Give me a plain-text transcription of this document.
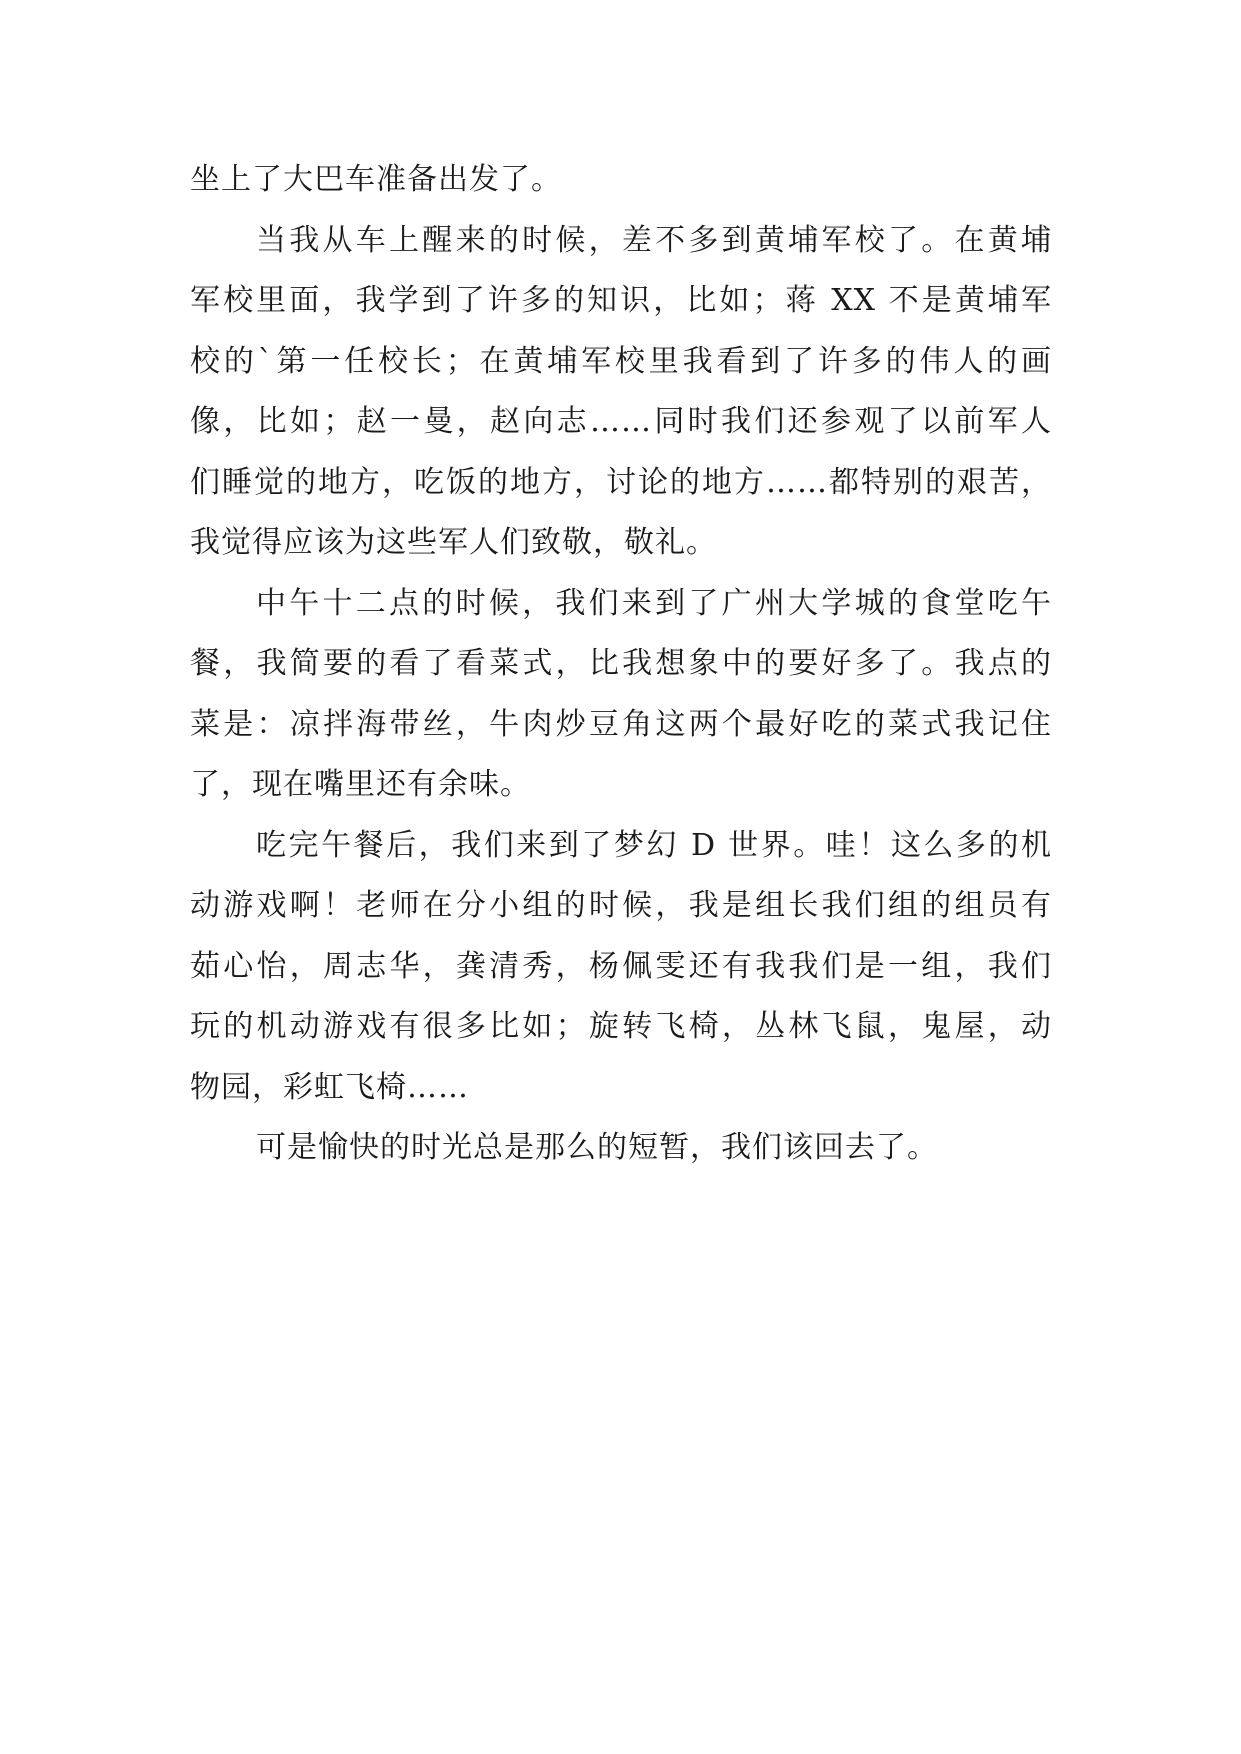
坐上了大巴车准备出发了。
当我从车上醒来的时候，差不多到黄埔军校了。在黄埔
军校里面，我学到了许多的知识，比如；蒋 XX 不是黄埔军
校的`第一任校长；在黄埔军校里我看到了许多的伟人的画
像，比如；赵一曼，赵向志……同时我们还参观了以前军人
们睡觉的地方，吃饭的地方，讨论的地方……都特别的艰苦，
我觉得应该为这些军人们致敬，敬礼。
中午十二点的时候，我们来到了广州大学城的食堂吃午
餐，我简要的看了看菜式，比我想象中的要好多了。我点的
菜是：凉拌海带丝，牛肉炒豆角这两个最好吃的菜式我记住
了，现在嘴里还有余味。
吃完午餐后，我们来到了梦幻 D 世界。哇！这么多的机
动游戏啊！老师在分小组的时候，我是组长我们组的组员有
茹心怡，周志华，龚清秀，杨佩雯还有我我们是一组，我们
玩的机动游戏有很多比如；旋转飞椅，丛林飞鼠，鬼屋，动
物园，彩虹飞椅……
可是愉快的时光总是那么的短暂，我们该回去了。
